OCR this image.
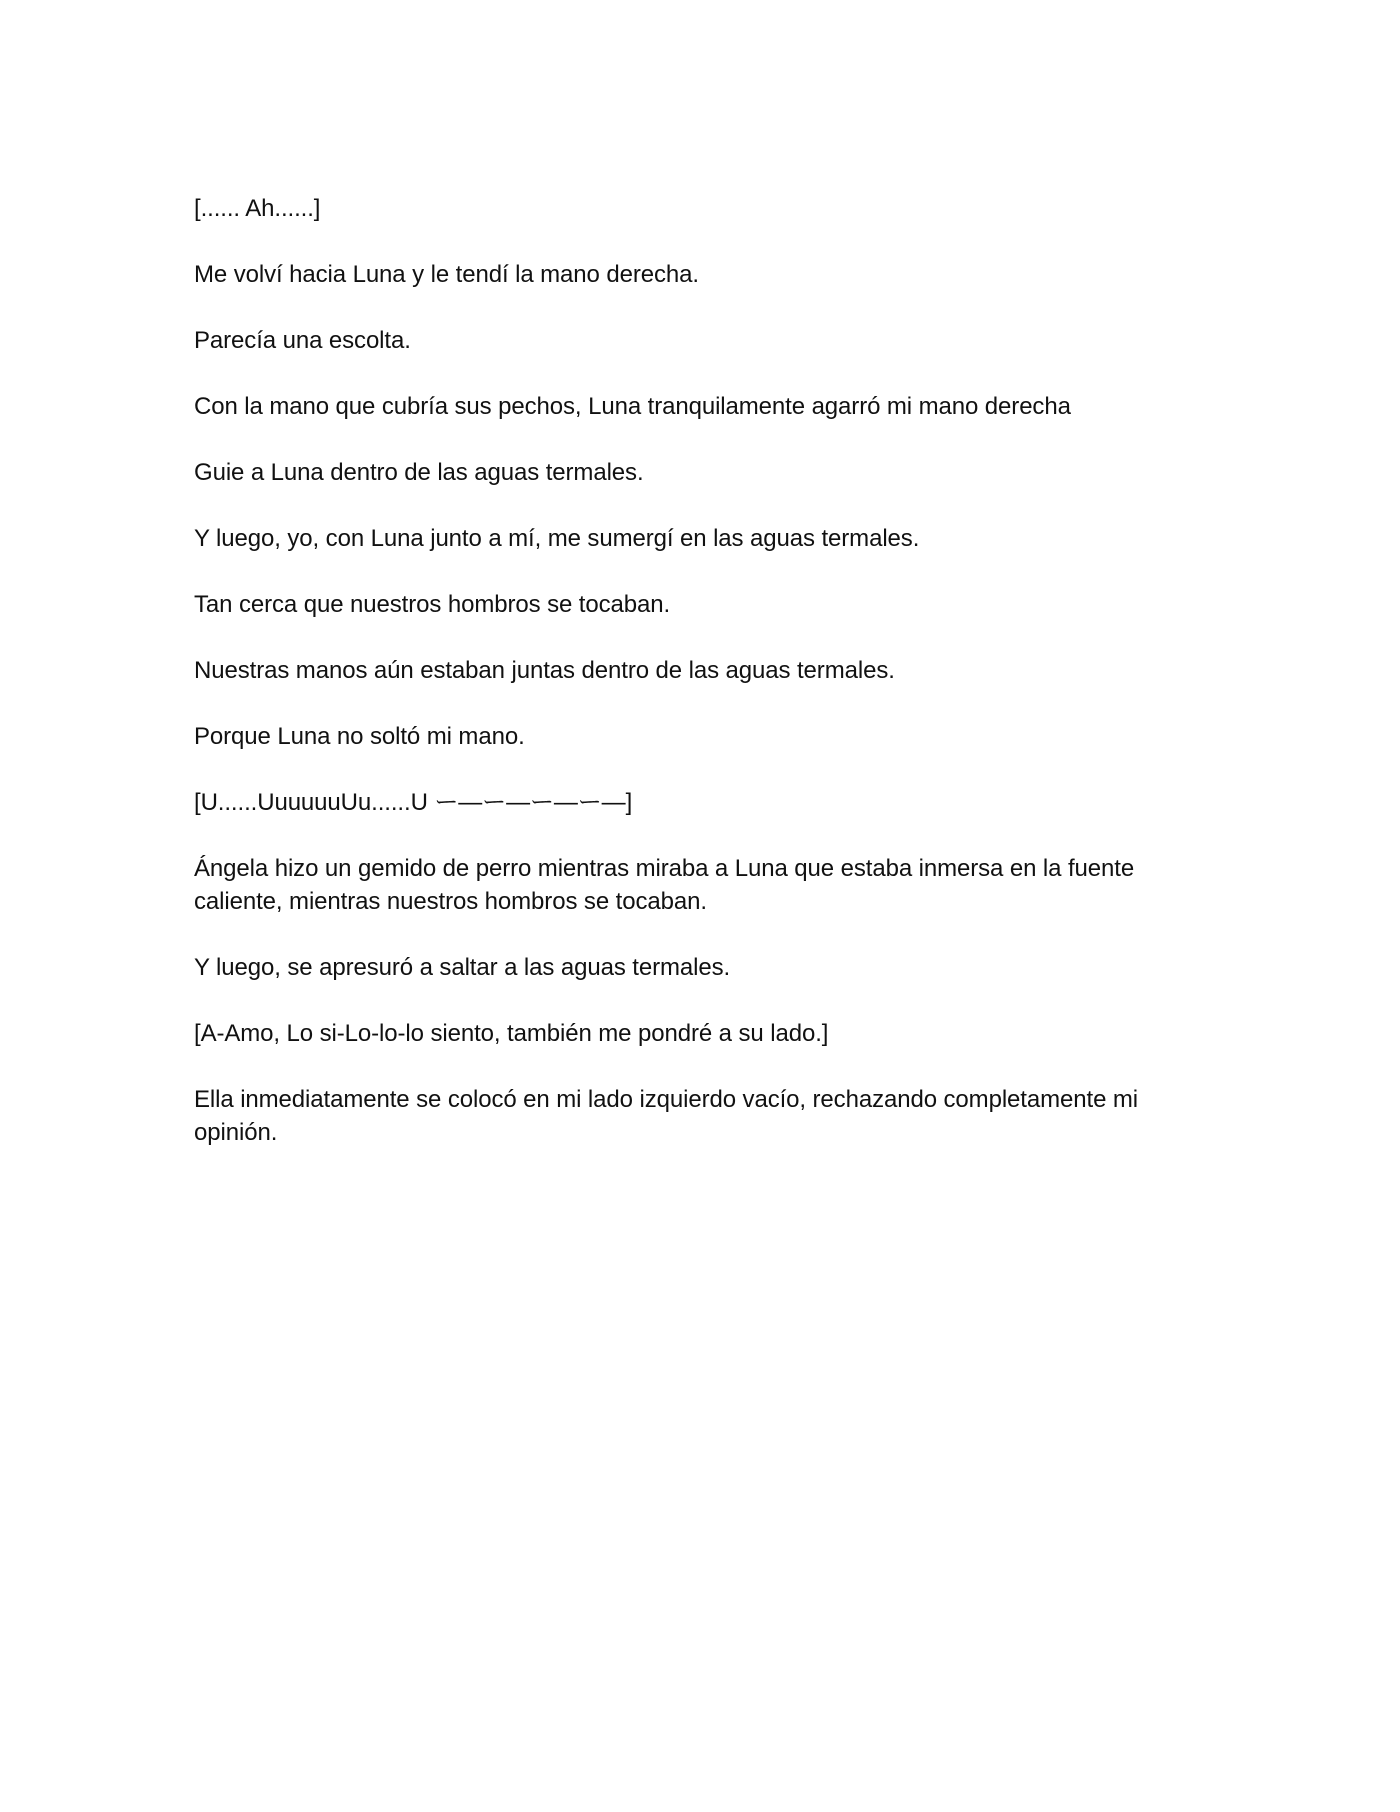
[...... Ah......]

Me volví hacia Luna y le tendí la mano derecha.

Parecía una escolta.

Con la mano que cubría sus pechos, Luna tranquilamente agarró mi mano derecha

Guie a Luna dentro de las aguas termales.

Y luego, yo, con Luna junto a mí, me sumergí en las aguas termales.

Tan cerca que nuestros hombros se tocaban.

Nuestras manos aún estaban juntas dentro de las aguas termales.

Porque Luna no soltó mi mano.

[U......UuuuuuUu......U ー―ー―ー―ー―]

Ángela hizo un gemido de perro mientras miraba a Luna que estaba inmersa en la fuente caliente, mientras nuestros hombros se tocaban.

Y luego, se apresuró a saltar a las aguas termales.

[A-Amo, Lo si-Lo-lo-lo siento, también me pondré a su lado.]

Ella inmediatamente se colocó en mi lado izquierdo vacío, rechazando completamente mi opinión.
